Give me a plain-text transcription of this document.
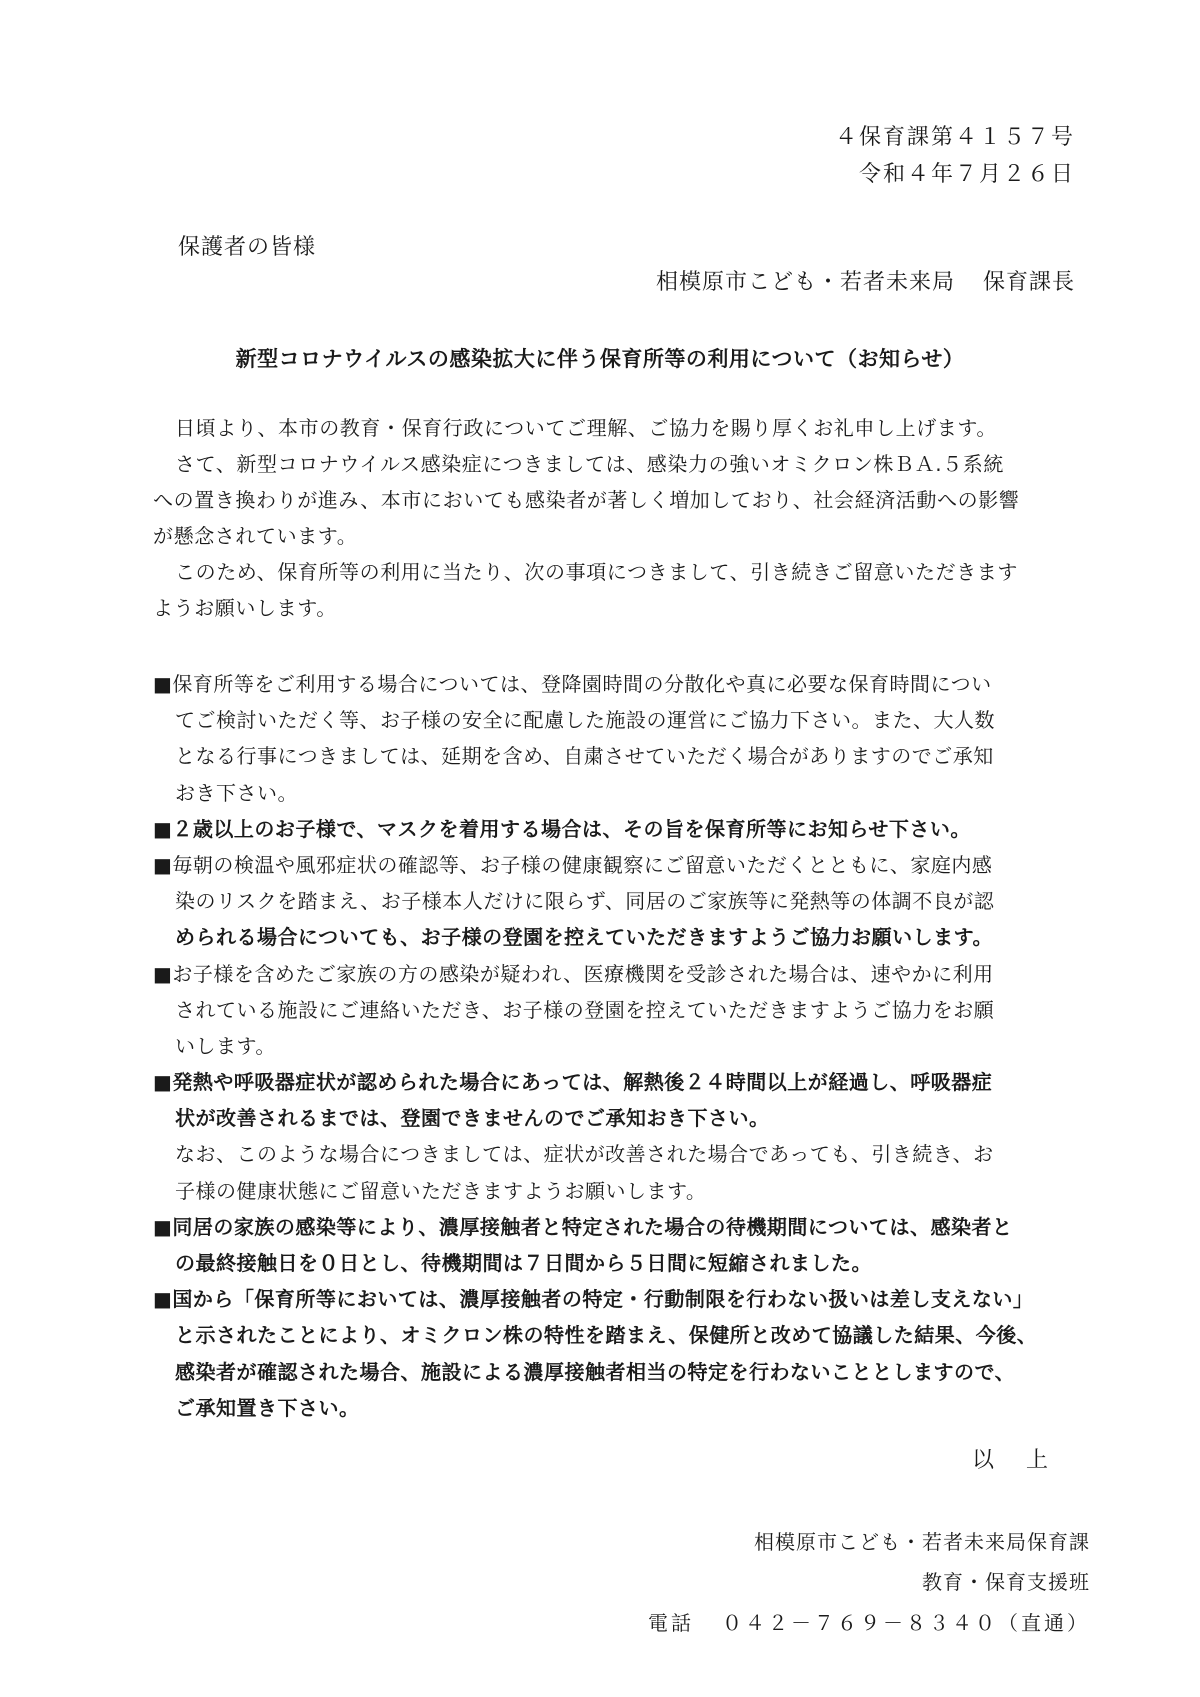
４保育課第４１５７号
令和４年７月２６日
保護者の皆様
相模原市こども・若者未来局 保育課長
新型コロナウイルスの感染拡大に伴う保育所等の利用について（お知らせ）
日頃より、本市の教育・保育行政についてご理解、ご協力を賜り厚くお礼申し上げます。
さて、新型コロナウイルス感染症につきましては、感染力の強いオミクロン株ＢＡ.５系統
への置き換わりが進み、本市においても感染者が著しく増加しており、社会経済活動への影響
が懸念されています。
このため、保育所等の利用に当たり、次の事項につきまして、引き続きご留意いただきます
ようお願いします。
■保育所等をご利用する場合については、登降園時間の分散化や真に必要な保育時間につい
てご検討いただく等、お子様の安全に配慮した施設の運営にご協力下さい。また、大人数
となる行事につきましては、延期を含め、自粛させていただく場合がありますのでご承知
おき下さい。
■２歳以上のお子様で、マスクを着用する場合は、その旨を保育所等にお知らせ下さい。
■毎朝の検温や風邪症状の確認等、お子様の健康観察にご留意いただくとともに、家庭内感
染のリスクを踏まえ、お子様本人だけに限らず、同居のご家族等に発熱等の体調不良が認
められる場合についても、お子様の登園を控えていただきますようご協力お願いします。
■お子様を含めたご家族の方の感染が疑われ、医療機関を受診された場合は、速やかに利用
されている施設にご連絡いただき、お子様の登園を控えていただきますようご協力をお願
いします。
■発熱や呼吸器症状が認められた場合にあっては、解熱後２４時間以上が経過し、呼吸器症
状が改善されるまでは、登園できませんのでご承知おき下さい。
なお、このような場合につきましては、症状が改善された場合であっても、引き続き、お
子様の健康状態にご留意いただきますようお願いします。
■同居の家族の感染等により、濃厚接触者と特定された場合の待機期間については、感染者と
の最終接触日を０日とし、待機期間は７日間から５日間に短縮されました。
■国から「保育所等においては、濃厚接触者の特定・行動制限を行わない扱いは差し支えない」
と示されたことにより、オミクロン株の特性を踏まえ、保健所と改めて協議した結果、今後、
感染者が確認された場合、施設による濃厚接触者相当の特定を行わないこととしますので、
ご承知置き下さい。
以 上
相模原市こども・若者未来局保育課
教育・保育支援班
電話 ０４２－７６９－８３４０（直通）
